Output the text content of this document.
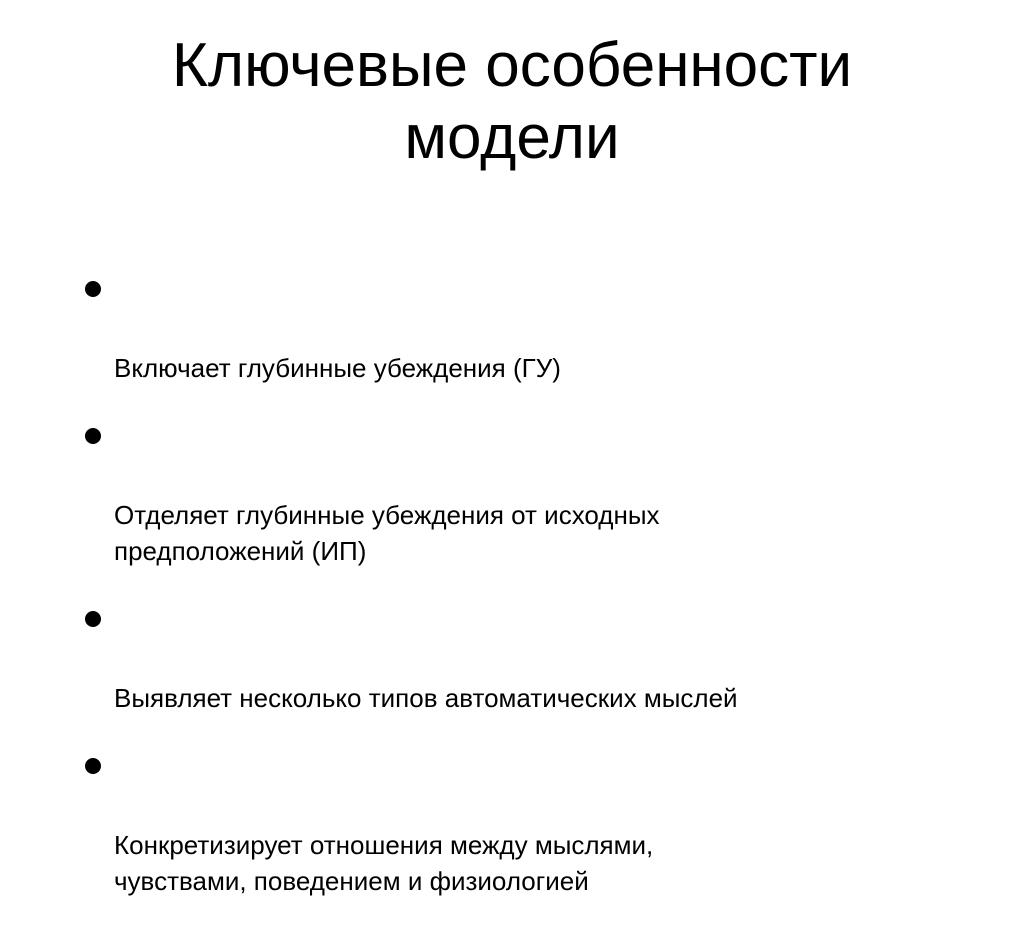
Ключевые особенности
модели

Включает глубинные убеждения (ГУ)

Отделяет глубинные убеждения от исходных
предположений (ИП)

Выявляет несколько типов автоматических мыслей

Конкретизирует отношения между мыслями,
чувствами, поведением и физиологией
